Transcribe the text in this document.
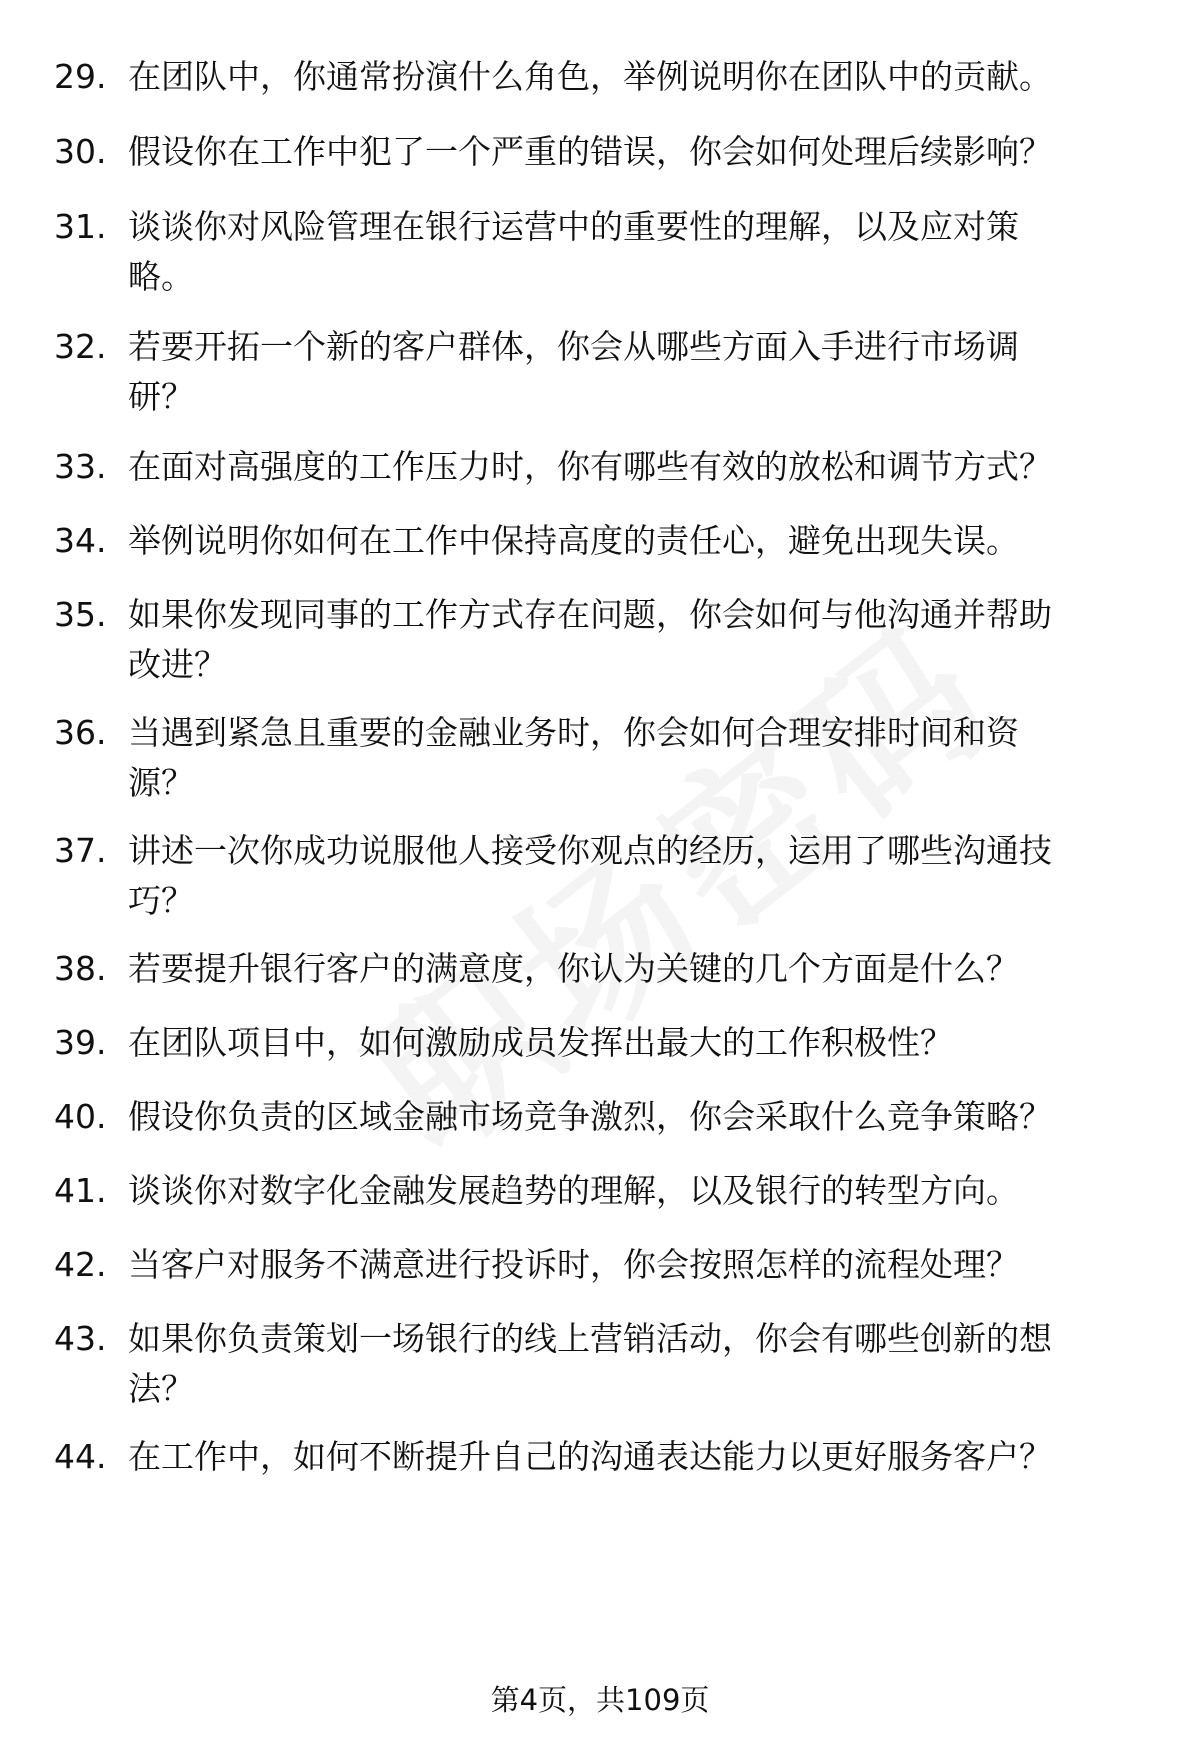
29. 在团队中，你通常扮演什么角色，举例说明你在团队中的贡献。
30. 假设你在工作中犯了一个严重的错误，你会如何处理后续影响？
31. 谈谈你对风险管理在银行运营中的重要性的理解，以及应对策
略。
32. 若要开拓一个新的客户群体，你会从哪些方面入手进行市场调
研？
33. 在面对高强度的工作压力时，你有哪些有效的放松和调节方式？
34. 举例说明你如何在工作中保持高度的责任心，避免出现失误。
35. 如果你发现同事的工作方式存在问题，你会如何与他沟通并帮助
改进？
36. 当遇到紧急且重要的金融业务时，你会如何合理安排时间和资
源？
37. 讲述一次你成功说服他人接受你观点的经历，运用了哪些沟通技
巧？
38. 若要提升银行客户的满意度，你认为关键的几个方面是什么？
39. 在团队项目中，如何激励成员发挥出最大的工作积极性？
40. 假设你负责的区域金融市场竞争激烈，你会采取什么竞争策略？
41. 谈谈你对数字化金融发展趋势的理解，以及银行的转型方向。
42. 当客户对服务不满意进行投诉时，你会按照怎样的流程处理？
43. 如果你负责策划一场银行的线上营销活动，你会有哪些创新的想
法？
44. 在工作中，如何不断提升自己的沟通表达能力以更好服务客户？
第4页，共109页
